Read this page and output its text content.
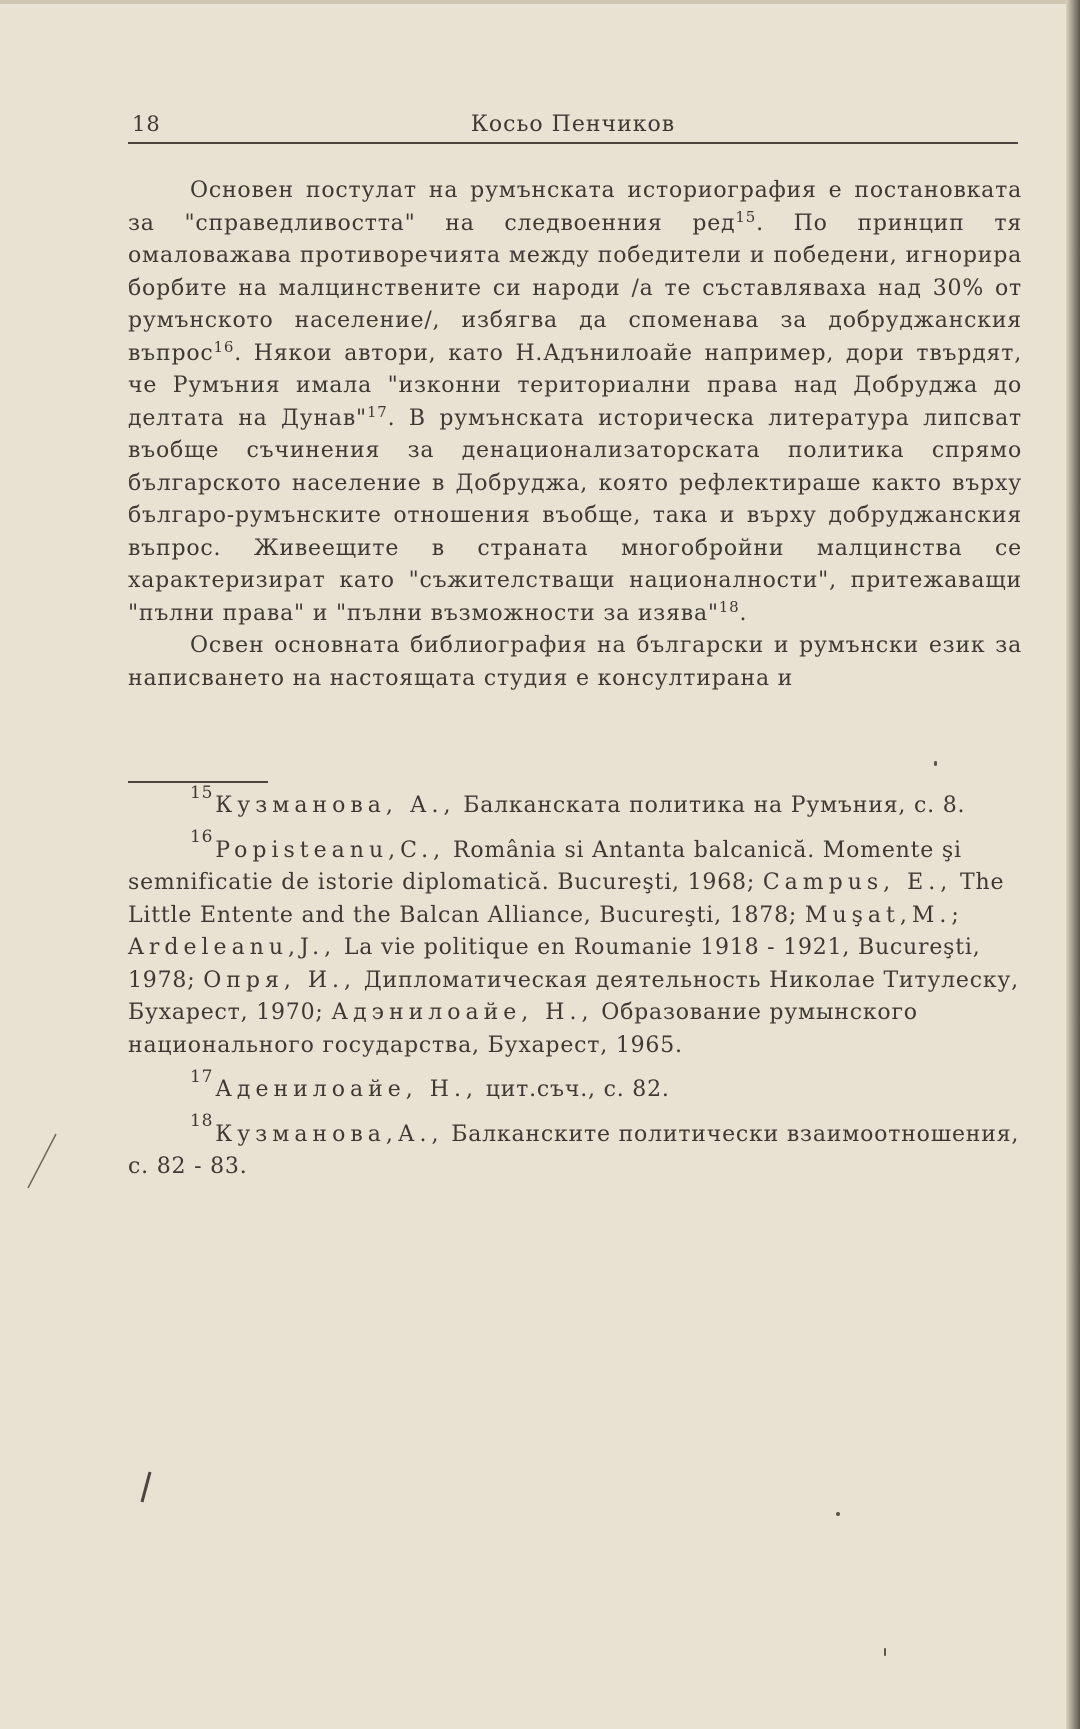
18	Косьо Пенчиков

Основен постулат на румънската историография е постановката за "справедливостта" на следвоенния ред$^{15}$. По принцип тя омаловажава противоречията между победители и победени, игнорира борбите на малцинствените си народи /а те съставляваха над 30% от румънското население/, избягва да споменава за добруджанския въпрос$^{16}$. Някои автори, като Н.Адънилоайе например, дори твърдят, че Румъния имала "изконни териториални права над Добруджа до делтата на Дунав"$^{17}$. В румънската историческа литература липсват въобще съчинения за денационализаторската политика спрямо българското население в Добруджа, която рефлектираше както върху българо-румънските отношения въобще, така и върху добруджанския въпрос. Живеещите в страната многобройни малцинства се характеризират като "съжителстващи националности", притежаващи "пълни права" и "пълни възможности за изява"$^{18}$.

Освен основната библиография на български и румънски език за написването на настоящата студия е консултирана и

$^{15}$Кузманова, А., Балканската политика на Румъния, с. 8.

$^{16}$Popisteanu,C., România si Antanta balcanică. Momente şi semnificatie de istorie diplomatică. Bucureşti, 1968; Campus, E., The Little Entente and the Balcan Alliance, Bucureşti, 1878; Muşat,M.; Ardeleanu,J., La vie politique en Roumanie 1918 - 1921, Bucureşti, 1978; Опря, И., Дипломатическая деятельность Николае Титулеску, Бухарест, 1970; Адэнилоайе, Н., Образование румынского национального государства, Бухарест, 1965.

$^{17}$Аденилоайе, Н., цит.съч., с. 82.

$^{18}$Кузманова,А., Балканските политически взаимоотношения, с. 82 - 83.
